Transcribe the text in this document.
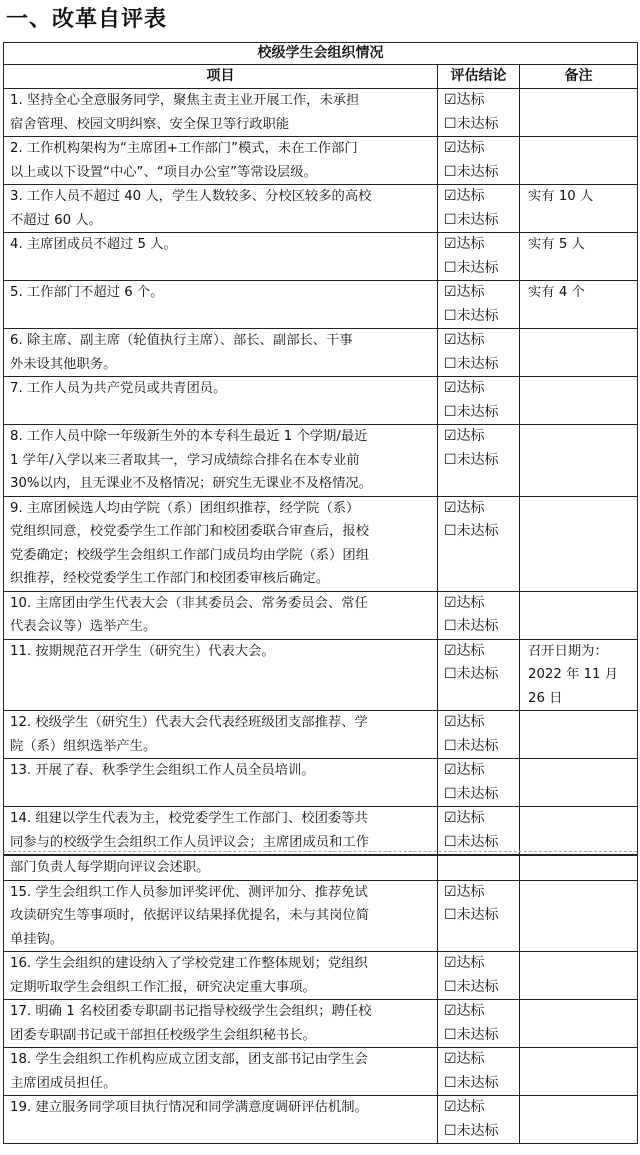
一、改革自评表
校级学生会组织情况		
项目	评估结论	备注

1. 坚持全心全意服务同学，聚焦主责主业开展工作，未承担
宿舍管理、校园文明纠察、安全保卫等行政职能	☑达标
☐未达标	

2. 工作机构架构为“主席团+工作部门”模式，未在工作部门
以上或以下设置“中心”、“项目办公室”等常设层级。	☑达标
☐未达标	

3. 工作人员不超过 40 人，学生人数较多、分校区较多的高校
不超过 60 人。	☑达标
☐未达标	实有 10 人

4. 主席团成员不超过 5 人。	☑达标
☐未达标	实有 5 人

5. 工作部门不超过 6 个。	☑达标
☐未达标	实有 4 个

6. 除主席、副主席（轮值执行主席）、部长、副部长、干事
外未设其他职务。	☑达标
☐未达标	

7. 工作人员为共产党员或共青团员。	☑达标
☐未达标	

8. 工作人员中除一年级新生外的本专科生最近 1 个学期/最近
1 学年/入学以来三者取其一，学习成绩综合排名在本专业前
30%以内，且无课业不及格情况；研究生无课业不及格情况。	☑达标
☐未达标	

9. 主席团候选人均由学院（系）团组织推荐，经学院（系）
党组织同意，校党委学生工作部门和校团委联合审查后，报校
党委确定；校级学生会组织工作部门成员均由学院（系）团组
织推荐，经校党委学生工作部门和校团委审核后确定。	☑达标
☐未达标	

10. 主席团由学生代表大会（非其委员会、常务委员会、常任
代表会议等）选举产生。	☑达标
☐未达标	

11. 按期规范召开学生（研究生）代表大会。	☑达标
☐未达标	召开日期为：
2022 年 11 月
26 日

12. 校级学生（研究生）代表大会代表经班级团支部推荐、学
院（系）组织选举产生。	☑达标
☐未达标	

13. 开展了春、秋季学生会组织工作人员全员培训。	☑达标
☐未达标	

14. 组建以学生代表为主，校党委学生工作部门、校团委等共
同参与的校级学生会组织工作人员评议会；主席团成员和工作	☑达标
☐未达标	

部门负责人每学期向评议会述职。		

15. 学生会组织工作人员参加评奖评优、测评加分、推荐免试
攻读研究生等事项时，依据评议结果择优提名，未与其岗位简
单挂钩。	☑达标
☐未达标	

16. 学生会组织的建设纳入了学校党建工作整体规划；党组织
定期听取学生会组织工作汇报，研究决定重大事项。	☑达标
☐未达标	

17. 明确 1 名校团委专职副书记指导校级学生会组织；聘任校
团委专职副书记或干部担任校级学生会组织秘书长。	☑达标
☐未达标	

18. 学生会组织工作机构应成立团支部，团支部书记由学生会
主席团成员担任。	☑达标
☐未达标	

19. 建立服务同学项目执行情况和同学满意度调研评估机制。	☑达标
☐未达标	
